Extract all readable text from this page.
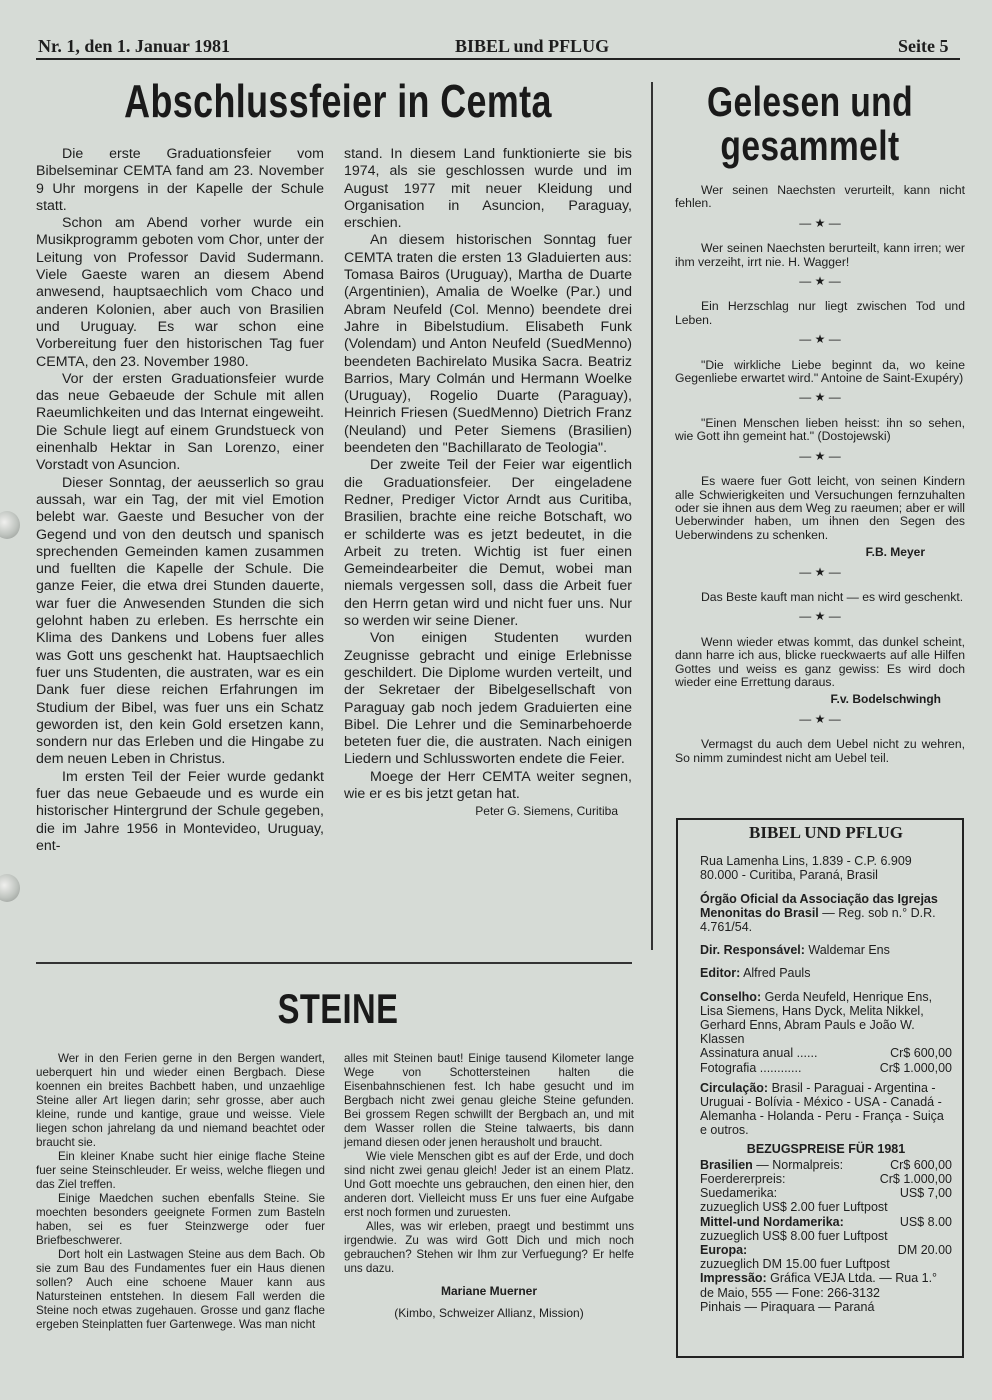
Nr. 1, den 1. Januar 1981	BIBEL und PFLUG	Seite 5
Abschlussfeier in Cemta

Die erste Graduationsfeier vom Bibelseminar CEMTA fand am 23. November 9 Uhr morgens in der Kapelle der Schule statt.

Schon am Abend vorher wurde ein Musikprogramm geboten vom Chor, unter der Leitung von Professor David Sudermann. Viele Gaeste waren an diesem Abend anwesend, hauptsaechlich vom Chaco und anderen Kolonien, aber auch von Brasilien und Uruguay. Es war schon eine Vorbereitung fuer den historischen Tag fuer CEMTA, den 23. November 1980.

Vor der ersten Graduationsfeier wurde das neue Gebaeude der Schule mit allen Raeumlichkeiten und das Internat eingeweiht. Die Schule liegt auf einem Grundstueck von einenhalb Hektar in San Lorenzo, einer Vorstadt von Asuncion.

Dieser Sonntag, der aeusserlich so grau aussah, war ein Tag, der mit viel Emotion belebt war. Gaeste und Besucher von der Gegend und von den deutsch und spanisch sprechenden Gemeinden kamen zusammen und fuellten die Kapelle der Schule. Die ganze Feier, die etwa drei Stunden dauerte, war fuer die Anwesenden Stunden die sich gelohnt haben zu erleben. Es herrschte ein Klima des Dankens und Lobens fuer alles was Gott uns geschenkt hat. Hauptsaechlich fuer uns Studenten, die austraten, war es ein Dank fuer diese reichen Erfahrungen im Studium der Bibel, was fuer uns ein Schatz geworden ist, den kein Gold ersetzen kann, sondern nur das Erleben und die Hingabe zu dem neuen Leben in Christus.

Im ersten Teil der Feier wurde gedankt fuer das neue Gebaeude und es wurde ein historischer Hintergrund der Schule gegeben, die im Jahre 1956 in Montevideo, Uruguay, ent-

stand. In diesem Land funktionierte sie bis 1974, als sie geschlossen wurde und im August 1977 mit neuer Kleidung und Organisation in Asuncion, Paraguay, erschien.

An diesem historischen Sonntag fuer CEMTA traten die ersten 13 Gladuierten aus: Tomasa Bairos (Uruguay), Martha de Duarte (Argentinien), Amalia de Woelke (Par.) und Abram Neufeld (Col. Menno) beendete drei Jahre in Bibelstudium. Elisabeth Funk (Volendam) und Anton Neufeld (SuedMenno) beendeten Bachirelato Musika Sacra. Beatriz Barrios, Mary Colmán und Hermann Woelke (Uruguay), Rogelio Duarte (Paraguay), Heinrich Friesen (SuedMenno) Dietrich Franz (Neuland) und Peter Siemens (Brasilien) beendeten den "Bachillarato de Teologia".

Der zweite Teil der Feier war eigentlich die Graduationsfeier. Der eingeladene Redner, Prediger Victor Arndt aus Curitiba, Brasilien, brachte eine reiche Botschaft, wo er schilderte was es jetzt bedeutet, in die Arbeit zu treten. Wichtig ist fuer einen Gemeindearbeiter die Demut, wobei man niemals vergessen soll, dass die Arbeit fuer den Herrn getan wird und nicht fuer uns. Nur so werden wir seine Diener.

Von einigen Studenten wurden Zeugnisse gebracht und einige Erlebnisse geschildert. Die Diplome wurden verteilt, und der Sekretaer der Bibelgesellschaft von Paraguay gab noch jedem Graduierten eine Bibel. Die Lehrer und die Seminarbehoerde beteten fuer die, die austraten. Nach einigen Liedern und Schlussworten endete die Feier.

Moege der Herr CEMTA weiter segnen, wie er es bis jetzt getan hat.

Peter G. Siemens, Curitiba
STEINE

Wer in den Ferien gerne in den Bergen wandert, ueberquert hin und wieder einen Bergbach. Diese koennen ein breites Bachbett haben, und unzaehlige Steine aller Art liegen darin; sehr grosse, aber auch kleine, runde und kantige, graue und weisse. Viele liegen schon jahrelang da und niemand beachtet oder braucht sie.

Ein kleiner Knabe sucht hier einige flache Steine fuer seine Steinschleuder. Er weiss, welche fliegen und das Ziel treffen.

Einige Maedchen suchen ebenfalls Steine. Sie moechten besonders geeignete Formen zum Basteln haben, sei es fuer Steinzwerge oder fuer Briefbeschwerer.

Dort holt ein Lastwagen Steine aus dem Bach. Ob sie zum Bau des Fundamentes fuer ein Haus dienen sollen? Auch eine schoene Mauer kann aus Natursteinen entstehen. In diesem Fall werden die Steine noch etwas zugehauen. Grosse und ganz flache ergeben Steinplatten fuer Gartenwege. Was man nicht

alles mit Steinen baut! Einige tausend Kilometer lange Wege von Schottersteinen halten die Eisenbahnschienen fest. Ich habe gesucht und im Bergbach nicht zwei genau gleiche Steine gefunden. Bei grossem Regen schwillt der Bergbach an, und mit dem Wasser rollen die Steine talwaerts, bis dann jemand diesen oder jenen herausholt und braucht.

Wie viele Menschen gibt es auf der Erde, und doch sind nicht zwei genau gleich! Jeder ist an einem Platz. Und Gott moechte uns gebrauchen, den einen hier, den anderen dort. Vielleicht muss Er uns fuer eine Aufgabe erst noch formen und zuruesten.

Alles, was wir erleben, praegt und bestimmt uns irgendwie. Zu was wird Gott Dich und mich noch gebrauchen? Stehen wir Ihm zur Verfuegung? Er helfe uns dazu.

Mariane Muerner
(Kimbo, Schweizer Allianz, Mission)
Gelesen und
gesammelt

Wer seinen Naechsten verurteilt, kann nicht fehlen.

— ★ —

Wer seinen Naechsten berurteilt, kann irren; wer ihm verzeiht, irrt nie. H. Wagger!

— ★ —

Ein Herzschlag nur liegt zwischen Tod und Leben.

— ★ —

"Die wirkliche Liebe beginnt da, wo keine Gegenliebe erwartet wird." Antoine de Saint-Exupéry)

— ★ —

"Einen Menschen lieben heisst: ihn so sehen, wie Gott ihn gemeint hat." (Dostojewski)

— ★ —

Es waere fuer Gott leicht, von seinen Kindern alle Schwierigkeiten und Versuchungen fernzuhalten oder sie ihnen aus dem Weg zu raeumen; aber er will Ueberwinder haben, um ihnen den Segen des Ueberwindens zu schenken.

F.B. Meyer
— ★ —

Das Beste kauft man nicht — es wird geschenkt.

— ★ —

Wenn wieder etwas kommt, das dunkel scheint, dann harre ich aus, blicke rueckwaerts auf alle Hilfen Gottes und weiss es ganz gewiss: Es wird doch wieder eine Errettung daraus.

F.v. Bodelschwingh
— ★ —

Vermagst du auch dem Uebel nicht zu wehren, So nimm zumindest nicht am Uebel teil.

BIBEL UND PFLUG

Rua Lamenha Lins, 1.839 - C.P. 6.909

80.000 - Curitiba, Paraná, Brasil

Órgão Oficial da Associação das Igrejas Menonitas do Brasil — Reg. sob n.° D.R. 4.761/54.

Dir. Responsável: Waldemar Ens

Editor: Alfred Pauls

Conselho: Gerda Neufeld, Henrique Ens, Lisa Siemens, Hans Dyck, Melita Nikkel, Gerhard Enns, Abram Pauls e João W. Klassen

Assinatura anual ......	Cr$ 600,00
Fotografia ............	Cr$ 1.000,00

Circulação: Brasil - Paraguai - Argentina - Uruguai - Bolívia - México - USA - Canadá - Alemanha - Holanda - Peru - França - Suiça e outros.

BEZUGSPREISE FÜR 1981
Brasilien — Normalpreis:	Cr$ 600,00
Foerdererpreis:	Cr$ 1.000,00
Suedamerika:	US$ 7,00

zuzueglich US$ 2.00 fuer Luftpost

Mittel-und Nordamerika:	US$ 8.00

zuzueglich US$ 8.00 fuer Luftpost

Europa:	DM 20.00

zuzueglich DM 15.00 fuer Luftpost

Impressão: Gráfica VEJA Ltda. — Rua 1.° de Maio, 555 — Fone: 266-3132

Pinhais — Piraquara — Paraná
